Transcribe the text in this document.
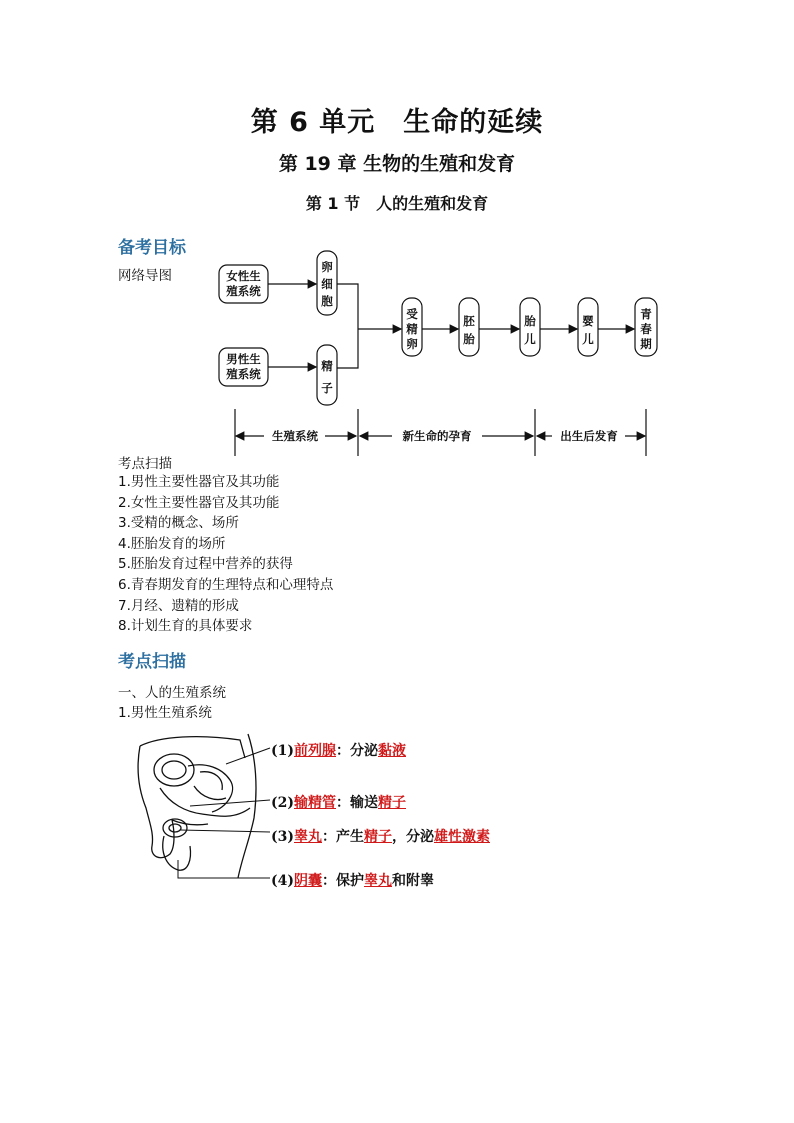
第 6 单元　生命的延续
第 19 章 生物的生殖和发育
第 1 节　人的生殖和发育
备考目标
网络导图	女性生
殖系统
男性生
殖系统
卵
细
胞
精
子
受
精
卵
胚
胎
胎
儿
婴
儿
青
春
期
生殖系统	新生命的孕育	出生后发育
考点扫描
1.男性主要性器官及其功能
2.女性主要性器官及其功能
3.受精的概念、场所
4.胚胎发育的场所
5.胚胎发育过程中营养的获得
6.青春期发育的生理特点和心理特点
7.月经、遗精的形成
8.计划生育的具体要求
考点扫描
一、人的生殖系统
1.男性生殖系统
(1)前列腺：分泌黏液
(2)输精管：输送精子
(3)睾丸：产生精子，分泌雄性激素
(4)阴囊：保护睾丸和附睾
